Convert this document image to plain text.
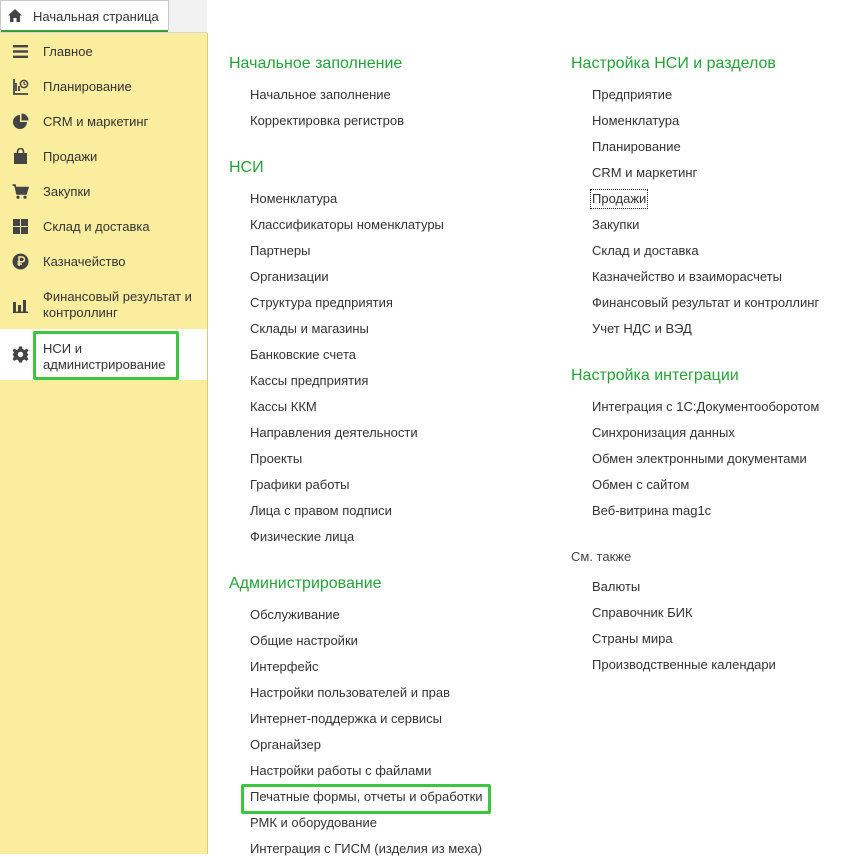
Начальная страница
Главное
Планирование
CRM и маркетинг
Продажи
Закупки
Склад и доставка
Казначейство
Финансовый результат и контроллинг
НСИ и администрирование
Начальное заполнение
Начальное заполнение
Корректировка регистров
НСИ
Номенклатура
Классификаторы номенклатуры
Партнеры
Организации
Структура предприятия
Склады и магазины
Банковские счета
Кассы предприятия
Кассы ККМ
Направления деятельности
Проекты
Графики работы
Лица с правом подписи
Физические лица
Администрирование
Обслуживание
Общие настройки
Интерфейс
Настройки пользователей и прав
Интернет-поддержка и сервисы
Органайзер
Настройки работы с файлами
Печатные формы, отчеты и обработки
РМК и оборудование
Интеграция с ГИСМ (изделия из меха)
Настройка НСИ и разделов
Предприятие
Номенклатура
Планирование
CRM и маркетинг
Продажи
Закупки
Склад и доставка
Казначейство и взаиморасчеты
Финансовый результат и контроллинг
Учет НДС и ВЭД
Настройка интеграции
Интеграция с 1С:Документооборотом
Синхронизация данных
Обмен электронными документами
Обмен с сайтом
Веб-витрина mag1c
См. также
Валюты
Справочник БИК
Страны мира
Производственные календари
